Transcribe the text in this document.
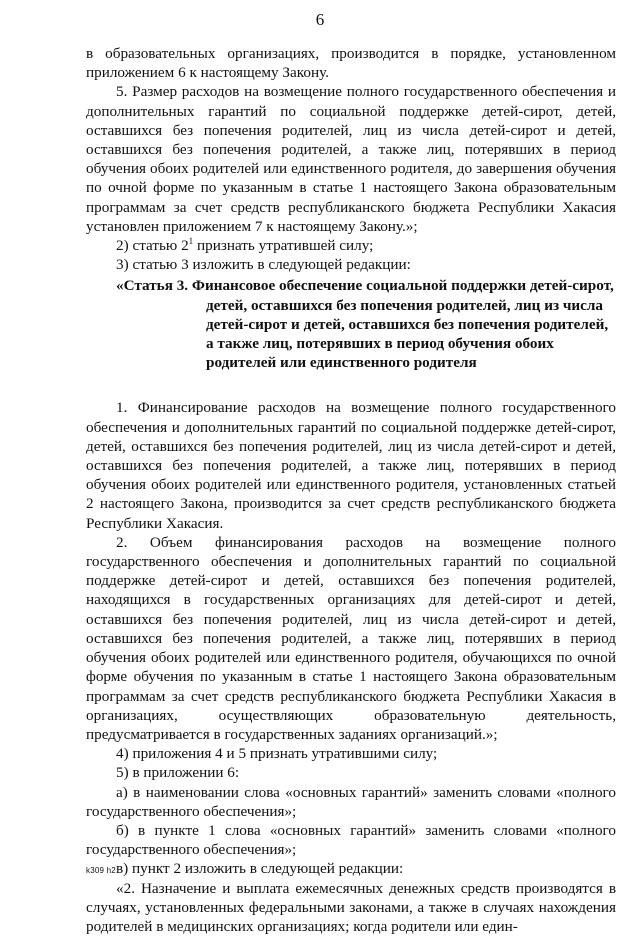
6

в образовательных организациях, производится в порядке, установленном приложением 6 к настоящему Закону.

5. Размер расходов на возмещение полного государственного обеспечения и дополнительных гарантий по социальной поддержке детей-сирот, детей, оставшихся без попечения родителей, лиц из числа детей-сирот и детей, оставшихся без попечения родителей, а также лиц, потерявших в период обучения обоих родителей или единственного родителя, до завершения обучения по очной форме по указанным в статье 1 настоящего Закона образовательным программам за счет средств республиканского бюджета Республики Хакасия установлен приложением 7 к настоящему Закону.»;

2) статью $2^1$ признать утратившей силу;

3) статью 3 изложить в следующей редакции:

«Статья 3. Финансовое обеспечение социальной поддержки детей-сирот, детей, оставшихся без попечения родителей, лиц из числа детей-сирот и детей, оставшихся без попечения родителей, а также лиц, потерявших в период обучения обоих родителей или единственного родителя

1. Финансирование расходов на возмещение полного государственного обеспечения и дополнительных гарантий по социальной поддержке детей-сирот, детей, оставшихся без попечения родителей, лиц из числа детей-сирот и детей, оставшихся без попечения родителей, а также лиц, потерявших в период обучения обоих родителей или единственного родителя, установленных статьей 2 настоящего Закона, производится за счет средств республиканского бюджета Республики Хакасия.

2. Объем финансирования расходов на возмещение полного государственного обеспечения и дополнительных гарантий по социальной поддержке детей-сирот и детей, оставшихся без попечения родителей, находящихся в государственных организациях для детей-сирот и детей, оставшихся без попечения родителей, лиц из числа детей-сирот и детей, оставшихся без попечения родителей, а также лиц, потерявших в период обучения обоих родителей или единственного родителя, обучающихся по очной форме обучения по указанным в статье 1 настоящего Закона образовательным программам за счет средств республиканского бюджета Республики Хакасия в организациях, осуществляющих образовательную деятельность, предусматривается в государственных заданиях организаций.»;

4) приложения 4 и 5 признать утратившими силу;

5) в приложении 6:

а) в наименовании слова «основных гарантий» заменить словами «полного государственного обеспечения»;

б) в пункте 1 слова «основных гарантий» заменить словами «полного государственного обеспечения»;

в) пункт 2 изложить в следующей редакции:

«2. Назначение и выплата ежемесячных денежных средств производятся в случаях, установленных федеральными законами, а также в случаях нахождения родителей в медицинских организациях; когда родители или един-

k309 h2
